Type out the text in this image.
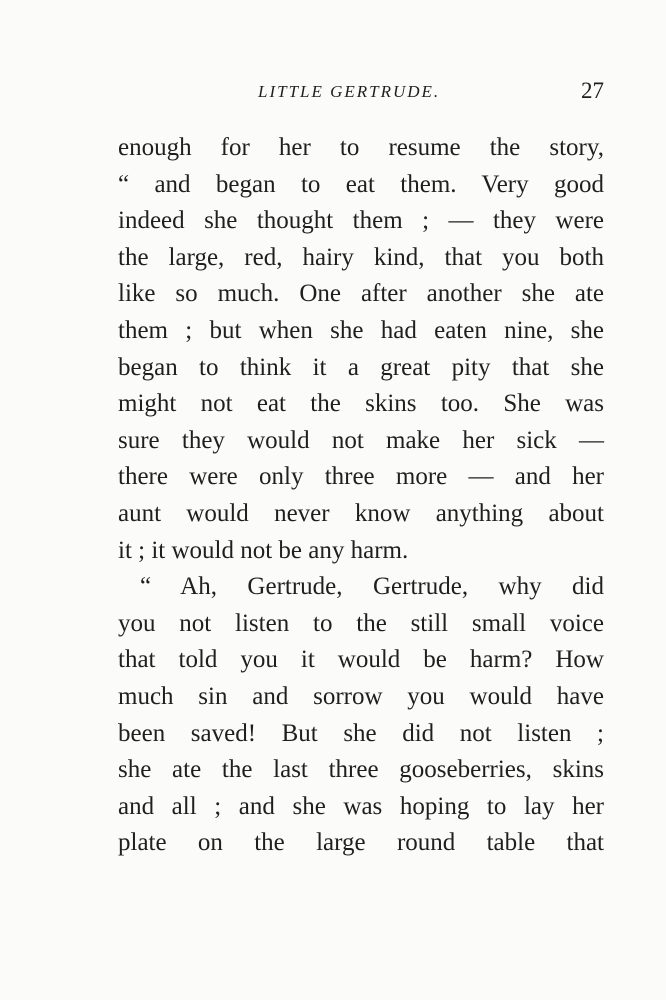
LITTLE GERTRUDE.	27
enough for her to resume the story,
“ and began to eat them. Very good
indeed she thought them ; — they were
the large, red, hairy kind, that you both
like so much. One after another she ate
them ; but when she had eaten nine, she
began to think it a great pity that she
might not eat the skins too. She was
sure they would not make her sick —
there were only three more — and her
aunt would never know anything about
it ; it would not be any harm.
“ Ah, Gertrude, Gertrude, why did
you not listen to the still small voice
that told you it would be harm? How
much sin and sorrow you would have
been saved! But she did not listen ;
she ate the last three gooseberries, skins
and all ; and she was hoping to lay her
plate on the large round table that
